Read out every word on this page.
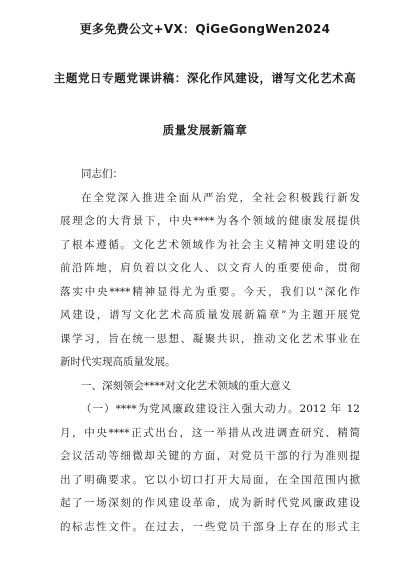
更多免费公文+VX：QiGeGongWen2024
主题党日专题党课讲稿：深化作风建设，谱写文化艺术高
质量发展新篇章
同志们：
在全党深入推进全面从严治党，全社会积极践行新发
展理念的大背景下，中央****为各个领域的健康发展提供
了根本遵循。文化艺术领域作为社会主义精神文明建设的
前沿阵地，肩负着以文化人、以文育人的重要使命，贯彻
落实中央****精神显得尤为重要。今天，我们以“深化作
风建设，谱写文化艺术高质量发展新篇章”为主题开展党
课学习，旨在统一思想、凝聚共识，推动文化艺术事业在
新时代实现高质量发展。
一、深刻领会****对文化艺术领域的重大意义
（一）****为党风廉政建设注入强大动力。2012 年 12
月，中央****正式出台，这一举措从改进调查研究、精简
会议活动等细微却关键的方面，对党员干部的行为准则提
出了明确要求。它以小切口打开大局面，在全国范围内掀
起了一场深刻的作风建设革命，成为新时代党风廉政建设
的标志性文件。在过去，一些党员干部身上存在的形式主
